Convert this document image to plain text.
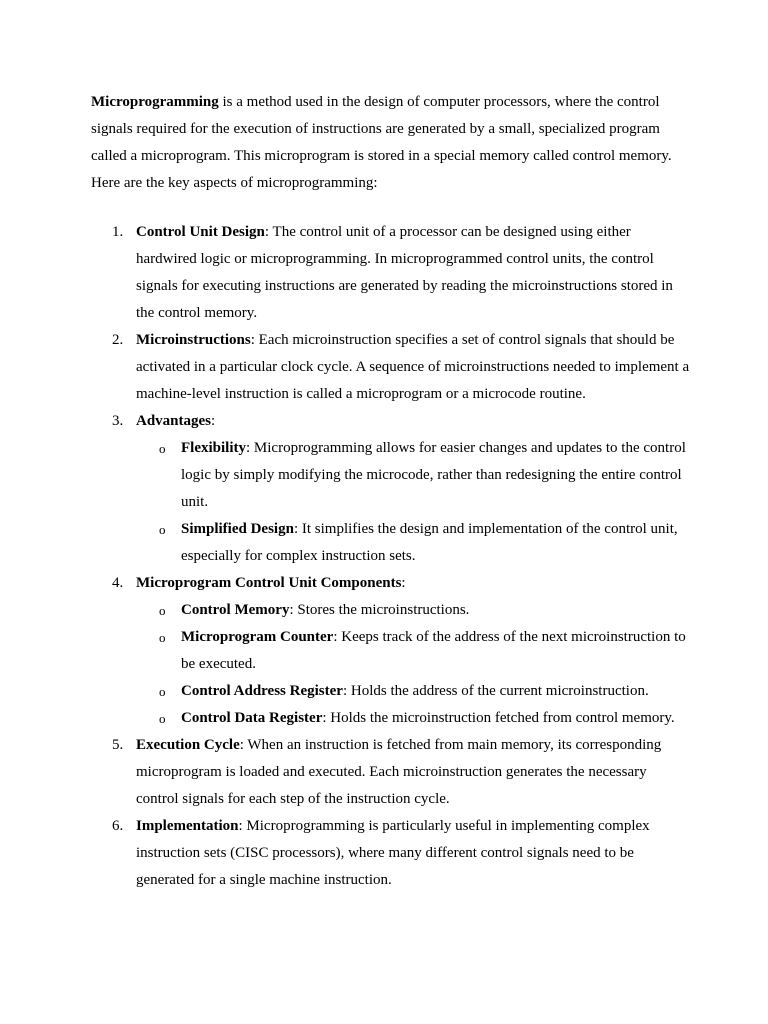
Microprogramming is a method used in the design of computer processors, where the control signals required for the execution of instructions are generated by a small, specialized program called a microprogram. This microprogram is stored in a special memory called control memory. Here are the key aspects of microprogramming:

1. Control Unit Design: The control unit of a processor can be designed using either hardwired logic or microprogramming. In microprogrammed control units, the control signals for executing instructions are generated by reading the microinstructions stored in the control memory.
2. Microinstructions: Each microinstruction specifies a set of control signals that should be activated in a particular clock cycle. A sequence of microinstructions needed to implement a machine-level instruction is called a microprogram or a microcode routine.
3. Advantages:
o Flexibility: Microprogramming allows for easier changes and updates to the control logic by simply modifying the microcode, rather than redesigning the entire control unit.
o Simplified Design: It simplifies the design and implementation of the control unit, especially for complex instruction sets.
4. Microprogram Control Unit Components:
o Control Memory: Stores the microinstructions.
o Microprogram Counter: Keeps track of the address of the next microinstruction to be executed.
o Control Address Register: Holds the address of the current microinstruction.
o Control Data Register: Holds the microinstruction fetched from control memory.
5. Execution Cycle: When an instruction is fetched from main memory, its corresponding microprogram is loaded and executed. Each microinstruction generates the necessary control signals for each step of the instruction cycle.
6. Implementation: Microprogramming is particularly useful in implementing complex instruction sets (CISC processors), where many different control signals need to be generated for a single machine instruction.
